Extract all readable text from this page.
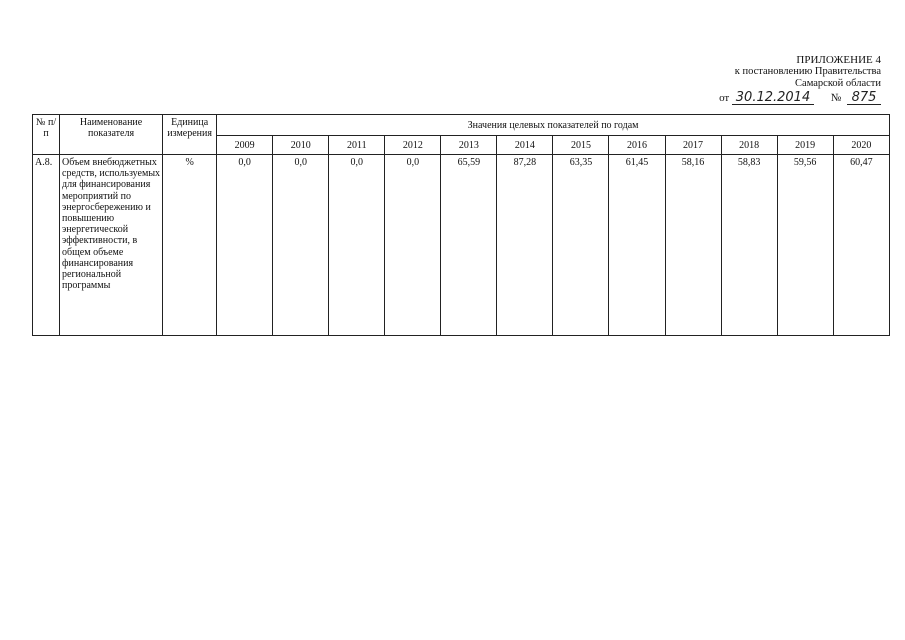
ПРИЛОЖЕНИЕ 4
к постановлению Правительства
Самарской области
от 30.12.2014 № 875
№ п/п	Наименование показателя	Единица измерения	Значения целевых показателей по годам											
			2009	2010	2011	2012	2013	2014	2015	2016	2017	2018	2019	2020
А.8.	Объем внебюджетных средств, используемых для финансирования мероприятий по энергосбережению и повышению энергетической эффективности, в общем объеме финансирования региональной программы	%	0,0	0,0	0,0	0,0	65,59	87,28	63,35	61,45	58,16	58,83	59,56	60,47
